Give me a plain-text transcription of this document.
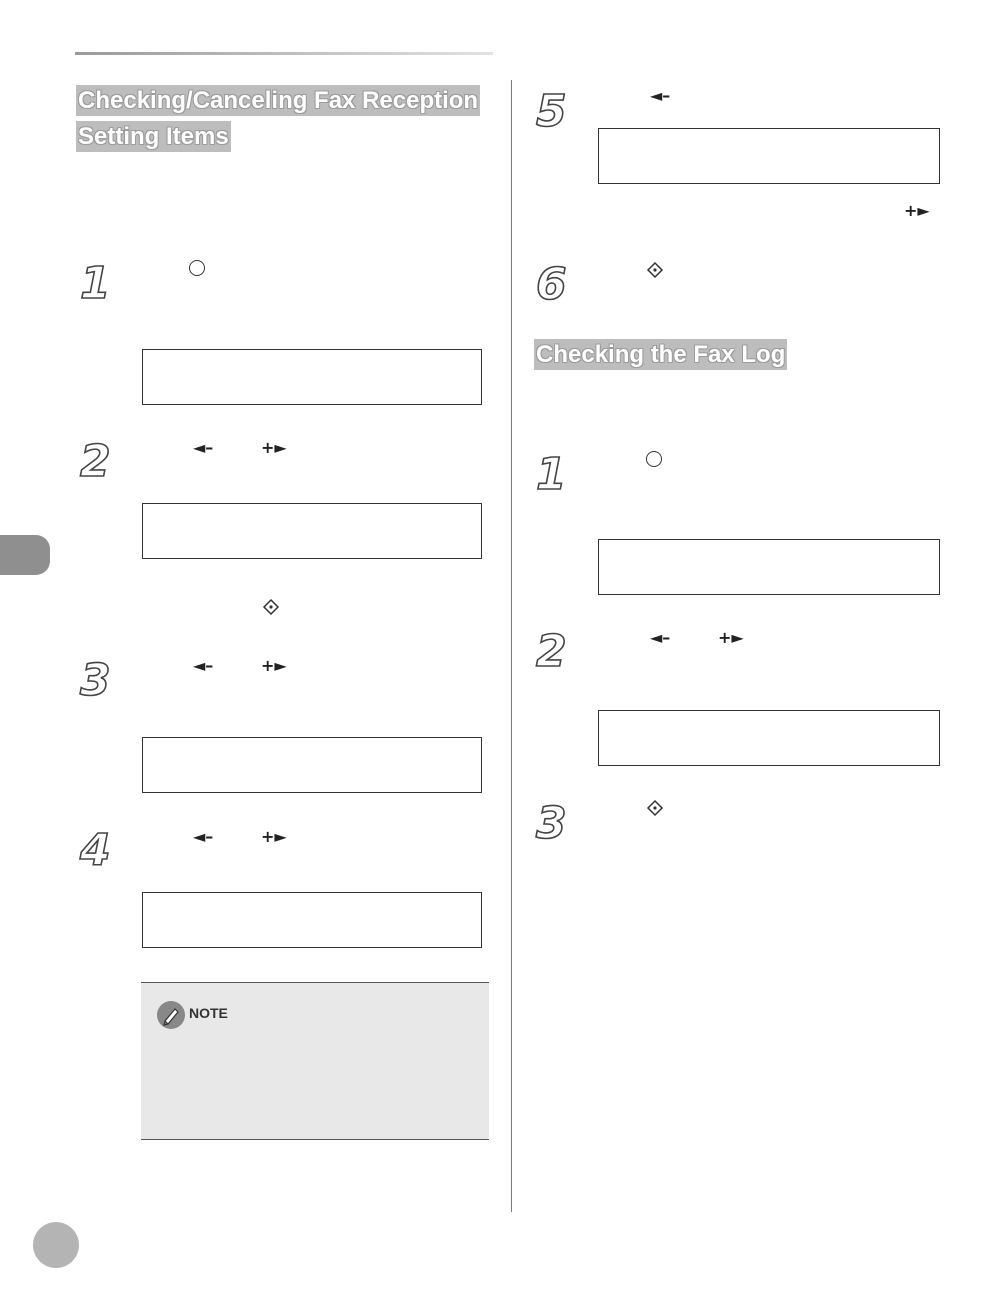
Checking/Canceling Fax Reception
Setting Items
1
2	◄–	+►
3	◄–	+►
4	◄–	+►
NOTE
5	◄–
+►
6
Checking the Fax Log
1
2	◄–	+►
3
